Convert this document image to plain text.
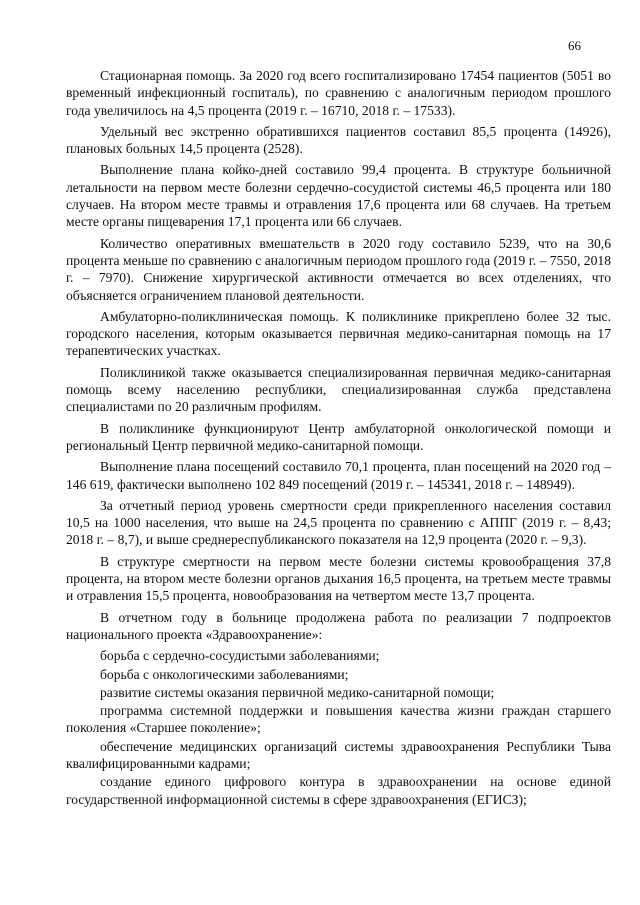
66

Стационарная помощь. За 2020 год всего госпитализировано 17454 пациентов (5051 во временный инфекционный госпиталь), по сравнению с аналогичным периодом прошлого года увеличилось на 4,5 процента (2019 г. – 16710, 2018 г. – 17533).

Удельный вес экстренно обратившихся пациентов составил 85,5 процента (14926), плановых больных 14,5 процента (2528).

Выполнение плана койко-дней составило 99,4 процента. В структуре больничной летальности на первом месте болезни сердечно-сосудистой системы 46,5 процента или 180 случаев. На втором месте травмы и отравления 17,6 процента или 68 случаев. На третьем месте органы пищеварения 17,1 процента или 66 случаев.

Количество оперативных вмешательств в 2020 году составило 5239, что на 30,6 процента меньше по сравнению с аналогичным периодом прошлого года (2019 г. – 7550, 2018 г. – 7970). Снижение хирургической активности отмечается во всех отделениях, что объясняется ограничением плановой деятельности.

Амбулаторно-поликлиническая помощь. К поликлинике прикреплено более 32 тыс. городского населения, которым оказывается первичная медико-санитарная помощь на 17 терапевтических участках.

Поликлиникой также оказывается специализированная первичная медико-санитарная помощь всему населению республики, специализированная служба представлена специалистами по 20 различным профилям.

В поликлинике функционируют Центр амбулаторной онкологической помощи и региональный Центр первичной медико-санитарной помощи.

Выполнение плана посещений составило 70,1 процента, план посещений на 2020 год – 146 619, фактически выполнено 102 849 посещений (2019 г. – 145341, 2018 г. – 148949).

За отчетный период уровень смертности среди прикрепленного населения составил 10,5 на 1000 населения, что выше на 24,5 процента по сравнению с АППГ (2019 г. – 8,43; 2018 г. – 8,7), и выше среднереспубликанского показателя на 12,9 процента (2020 г. – 9,3).

В структуре смертности на первом месте болезни системы кровообращения 37,8 процента, на втором месте болезни органов дыхания 16,5 процента, на третьем месте травмы и отравления 15,5 процента, новообразования на четвертом месте 13,7 процента.

В отчетном году в больнице продолжена работа по реализации 7 подпроектов национального проекта «Здравоохранение»:

борьба с сердечно-сосудистыми заболеваниями;

борьба с онкологическими заболеваниями;

развитие системы оказания первичной медико-санитарной помощи;

программа системной поддержки и повышения качества жизни граждан старшего поколения «Старшее поколение»;

обеспечение медицинских организаций системы здравоохранения Республики Тыва квалифицированными кадрами;

создание единого цифрового контура в здравоохранении на основе единой государственной информационной системы в сфере здравоохранения (ЕГИСЗ);
